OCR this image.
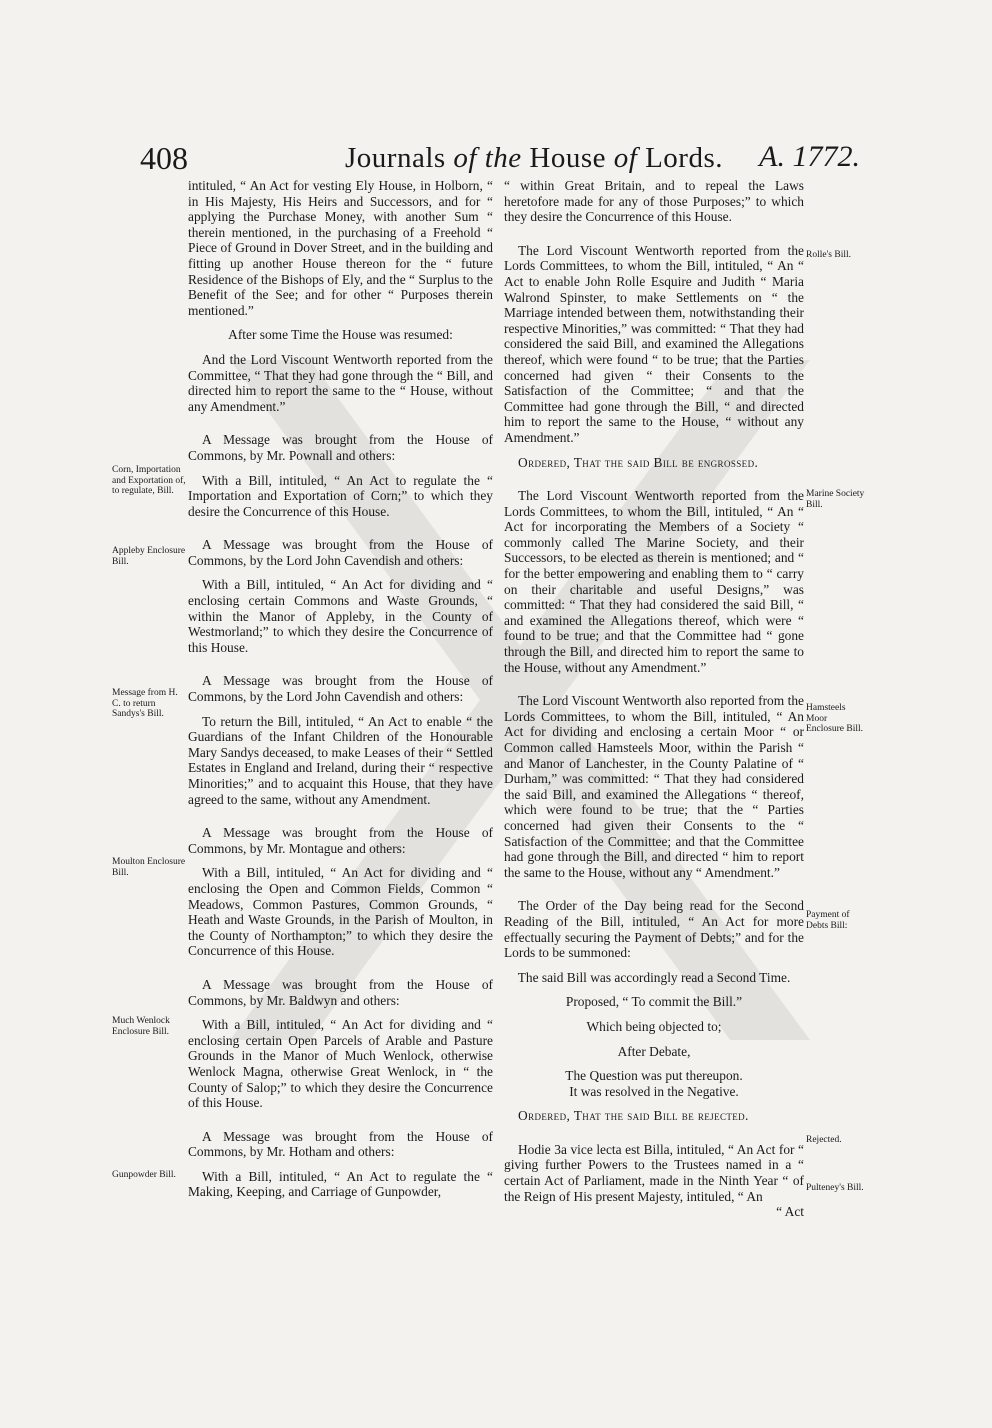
408	Journals of the House of Lords. A. 1772.

intituled, “ An Act for vesting Ely House, in Holborn, “ in His Majesty, His Heirs and Successors, and for “ applying the Purchase Money, with another Sum “ therein mentioned, in the purchasing of a Freehold “ Piece of Ground in Dover Street, and in the building and fitting up another House thereon for the “ future Residence of the Bishops of Ely, and the “ Surplus to the Benefit of the See; and for other “ Purposes therein mentioned.”

After some Time the House was resumed:

And the Lord Viscount Wentworth reported from the Committee, “ That they had gone through the “ Bill, and directed him to report the same to the “ House, without any Amendment.”

A Message was brought from the House of Commons, by Mr. Pownall and others:

With a Bill, intituled, “ An Act to regulate the “ Importation and Exportation of Corn;” to which they desire the Concurrence of this House.

A Message was brought from the House of Commons, by the Lord John Cavendish and others:

With a Bill, intituled, “ An Act for dividing and “ enclosing certain Commons and Waste Grounds, “ within the Manor of Appleby, in the County of Westmorland;” to which they desire the Concurrence of this House.

A Message was brought from the House of Commons, by the Lord John Cavendish and others:

To return the Bill, intituled, “ An Act to enable “ the Guardians of the Infant Children of the Honourable Mary Sandys deceased, to make Leases of their “ Settled Estates in England and Ireland, during their “ respective Minorities;” and to acquaint this House, that they have agreed to the same, without any Amendment.

A Message was brought from the House of Commons, by Mr. Montague and others:

With a Bill, intituled, “ An Act for dividing and “ enclosing the Open and Common Fields, Common “ Meadows, Common Pastures, Common Grounds, “ Heath and Waste Grounds, in the Parish of Moulton, in the County of Northampton;” to which they desire the Concurrence of this House.

A Message was brought from the House of Commons, by Mr. Baldwyn and others:

With a Bill, intituled, “ An Act for dividing and “ enclosing certain Open Parcels of Arable and Pasture Grounds in the Manor of Much Wenlock, otherwise Wenlock Magna, otherwise Great Wenlock, in “ the County of Salop;” to which they desire the Concurrence of this House.

A Message was brought from the House of Commons, by Mr. Hotham and others:

With a Bill, intituled, “ An Act to regulate the “ Making, Keeping, and Carriage of Gunpowder,

“ within Great Britain, and to repeal the Laws heretofore made for any of those Purposes;” to which they desire the Concurrence of this House.

The Lord Viscount Wentworth reported from the Lords Committees, to whom the Bill, intituled, “ An “ Act to enable John Rolle Esquire and Judith “ Maria Walrond Spinster, to make Settlements on “ the Marriage intended between them, notwithstanding their respective Minorities,” was committed: “ That they had considered the said Bill, and examined the Allegations thereof, which were found “ to be true; that the Parties concerned had given “ their Consents to the Satisfaction of the Committee; “ and that the Committee had gone through the Bill, “ and directed him to report the same to the House, “ without any Amendment.”

Ordered, That the said Bill be engrossed.

The Lord Viscount Wentworth reported from the Lords Committees, to whom the Bill, intituled, “ An “ Act for incorporating the Members of a Society “ commonly called The Marine Society, and their Successors, to be elected as therein is mentioned; and “ for the better empowering and enabling them to “ carry on their charitable and useful Designs,” was committed: “ That they had considered the said Bill, “ and examined the Allegations thereof, which were “ found to be true; and that the Committee had “ gone through the Bill, and directed him to report the same to the House, without any Amendment.”

The Lord Viscount Wentworth also reported from the Lords Committees, to whom the Bill, intituled, “ An Act for dividing and enclosing a certain Moor “ or Common called Hamsteels Moor, within the Parish “ and Manor of Lanchester, in the County Palatine of “ Durham,” was committed: “ That they had considered the said Bill, and examined the Allegations “ thereof, which were found to be true; that the “ Parties concerned had given their Consents to the “ Satisfaction of the Committee; and that the Committee had gone through the Bill, and directed “ him to report the same to the House, without any “ Amendment.”

The Order of the Day being read for the Second Reading of the Bill, intituled, “ An Act for more effectually securing the Payment of Debts;” and for the Lords to be summoned:

The said Bill was accordingly read a Second Time.

Proposed, “ To commit the Bill.”

Which being objected to;

After Debate,

The Question was put thereupon.

It was resolved in the Negative.

Ordered, That the said Bill be rejected.

Hodie 3a vice lecta est Billa, intituled, “ An Act for “ giving further Powers to the Trustees named in a “ certain Act of Parliament, made in the Ninth Year “ of the Reign of His present Majesty, intituled, “ An

“ Act

Corn, Importation and Exportation of, to regulate, Bill.
Appleby Enclosure Bill.
Message from H. C. to return Sandys's Bill.
Moulton Enclosure Bill.
Much Wenlock Enclosure Bill.
Gunpowder Bill.
Rolle's Bill.
Marine Society Bill.
Hamsteels Moor Enclosure Bill.
Payment of Debts Bill:
Rejected.
Pulteney's Bill.
